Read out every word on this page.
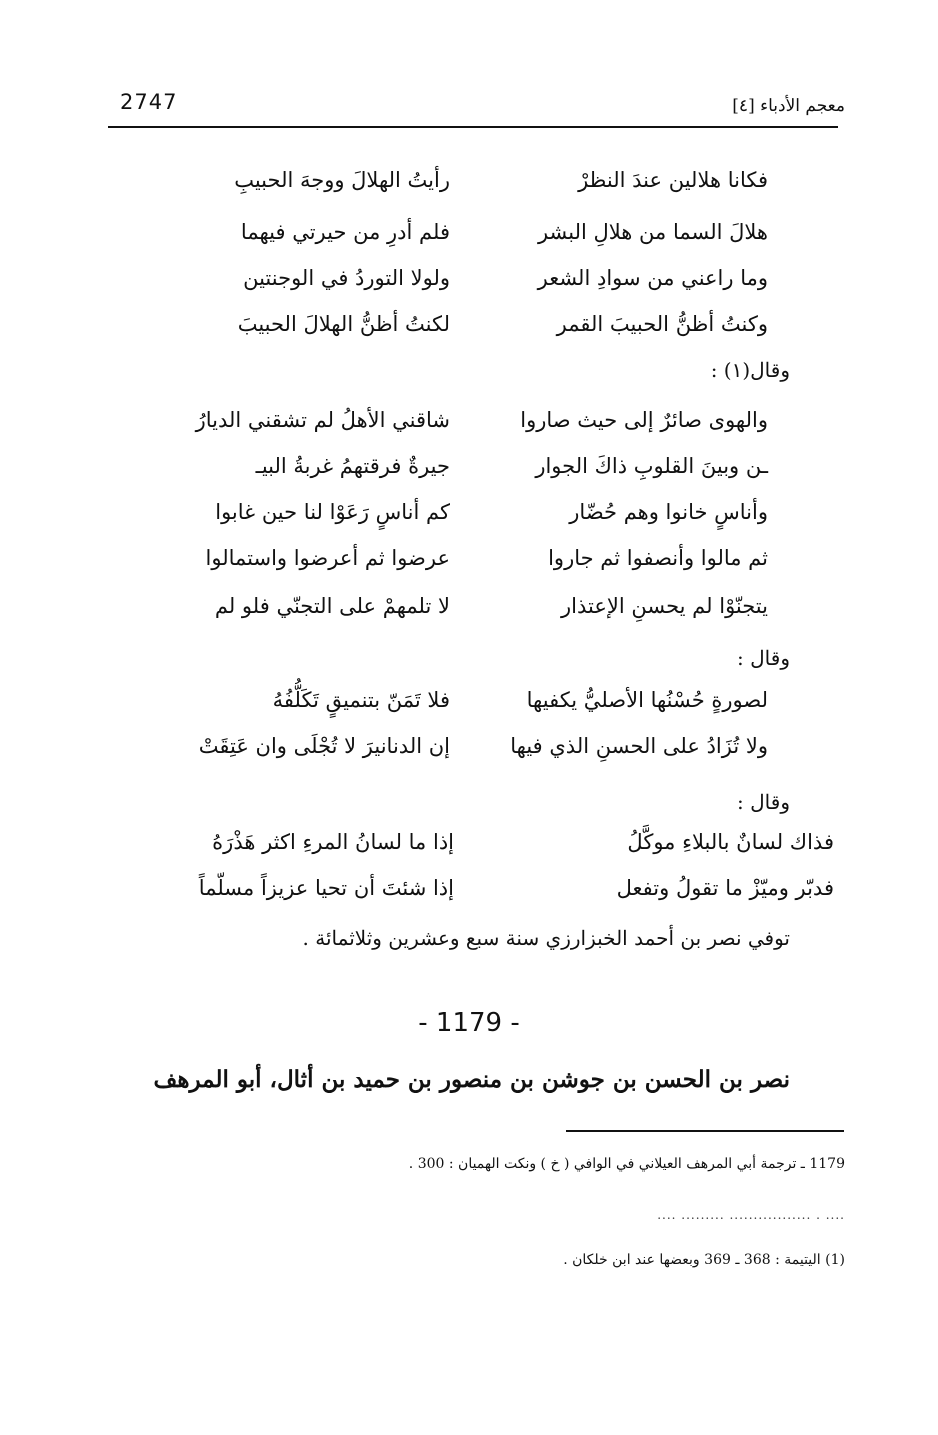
2747	معجم الأدباء [٤]
رأيتُ الهلالَ ووجهَ الحبيبِ	فكانا هلالين عندَ النظرْ
فلم أدرِ من حيرتي فيهما	هلالَ السما من هلالِ البشر
ولولا التوردُ في الوجنتين	وما راعني من سوادِ الشعر
لكنتُ أظنُّ الهلالَ الحبيبَ	وكنتُ أظنُّ الحبيبَ القمر
وقال(١) :
شاقني الأهلُ لم تشقني الديارُ	والهوى صائرٌ إلى حيث صاروا
جيرةٌ فرقتهمُ غربةُ البيـ	ـن وبينَ القلوبِ ذاكَ الجوار
كم أناسٍ رَعَوْا لنا حين غابوا	وأناسٍ خانوا وهم حُضّار
عرضوا ثم أعرضوا واستمالوا	ثم مالوا وأنصفوا ثم جاروا
لا تلمهمْ على التجنّي فلو لم	يتجنّوْا لم يحسنِ الإعتذار
وقال :
فلا تَمَنّ بتنميقٍ تَكَلُّفُهُ	لصورةٍ حُسْنُها الأصليُّ يكفيها
إن الدنانيرَ لا تُجْلَى وان عَتِقَتْ	ولا تُزَادُ على الحسنِ الذي فيها
وقال :
إذا ما لسانُ المرءِ اكثر هَذْرَهُ	فذاك لسانٌ بالبلاءِ موكَّلُ
إذا شئتَ أن تحيا عزيزاً مسلّماً	فدبّر وميّزْ ما تقولُ وتفعل
توفي نصر بن أحمد الخبزارزي سنة سبع وعشرين وثلاثمائة .
- 1179 -
نصر بن الحسن بن جوشن بن منصور بن حميد بن أثال، أبو المرهف
1179 ـ ترجمة أبي المرهف العيلاني في الوافي ( خ ) ونكت الهميان : 300 .
.... ......... ................. . ....
(1) اليتيمة : 368 ـ 369 وبعضها عند ابن خلكان .
